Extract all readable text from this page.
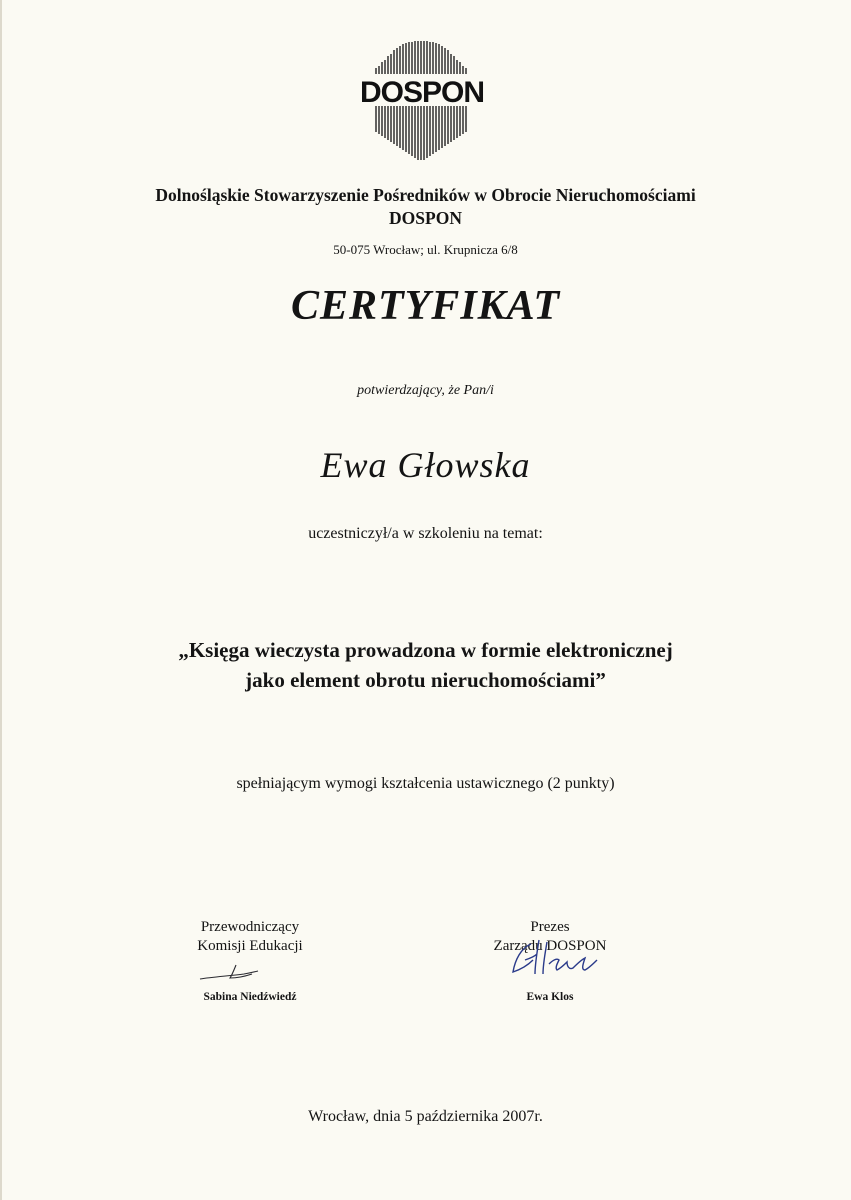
DOSPON
Dolnośląskie Stowarzyszenie Pośredników w Obrocie Nieruchomościami
DOSPON
50-075 Wrocław; ul. Krupnicza 6/8
CERTYFIKAT
potwierdzający, że Pan/i
Ewa Głowska
uczestniczył/a w szkoleniu na temat:
„Księga wieczysta prowadzona w formie elektronicznej
jako element obrotu nieruchomościami”
spełniającym wymogi kształcenia ustawicznego (2 punkty)
Przewodniczący
Komisji Edukacji
Sabina Niedźwiedź
Prezes
Zarządu DOSPON
Ewa Klos
Wrocław, dnia 5 października 2007r.
